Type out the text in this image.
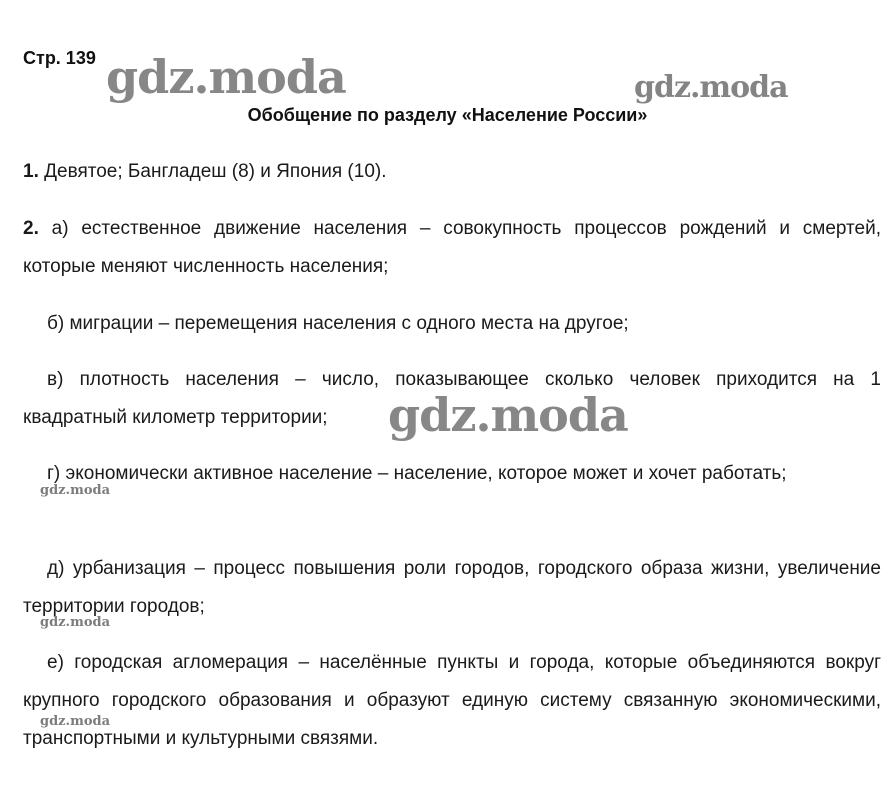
Стр. 139
Обобщение по разделу «Население России»
1. Девятое; Бангладеш (8) и Япония (10).
2. а) естественное движение населения – совокупность процессов рождений и смертей, которые меняют численность населения;
б) миграции – перемещения населения с одного места на другое;
в) плотность населения – число, показывающее сколько человек приходится на 1 квадратный километр территории;
г) экономически активное население – население, которое может и хочет работать;
д) урбанизация – процесс повышения роли городов, городского образа жизни, увеличение территории городов;
е) городская агломерация – населённые пункты и города, которые объединяются вокруг крупного городского образования и образуют единую систему связанную экономическими, транспортными и культурными связями.
gdz.moda	gdz.moda
gdz.moda
gdz.moda
gdz.moda
gdz.moda
